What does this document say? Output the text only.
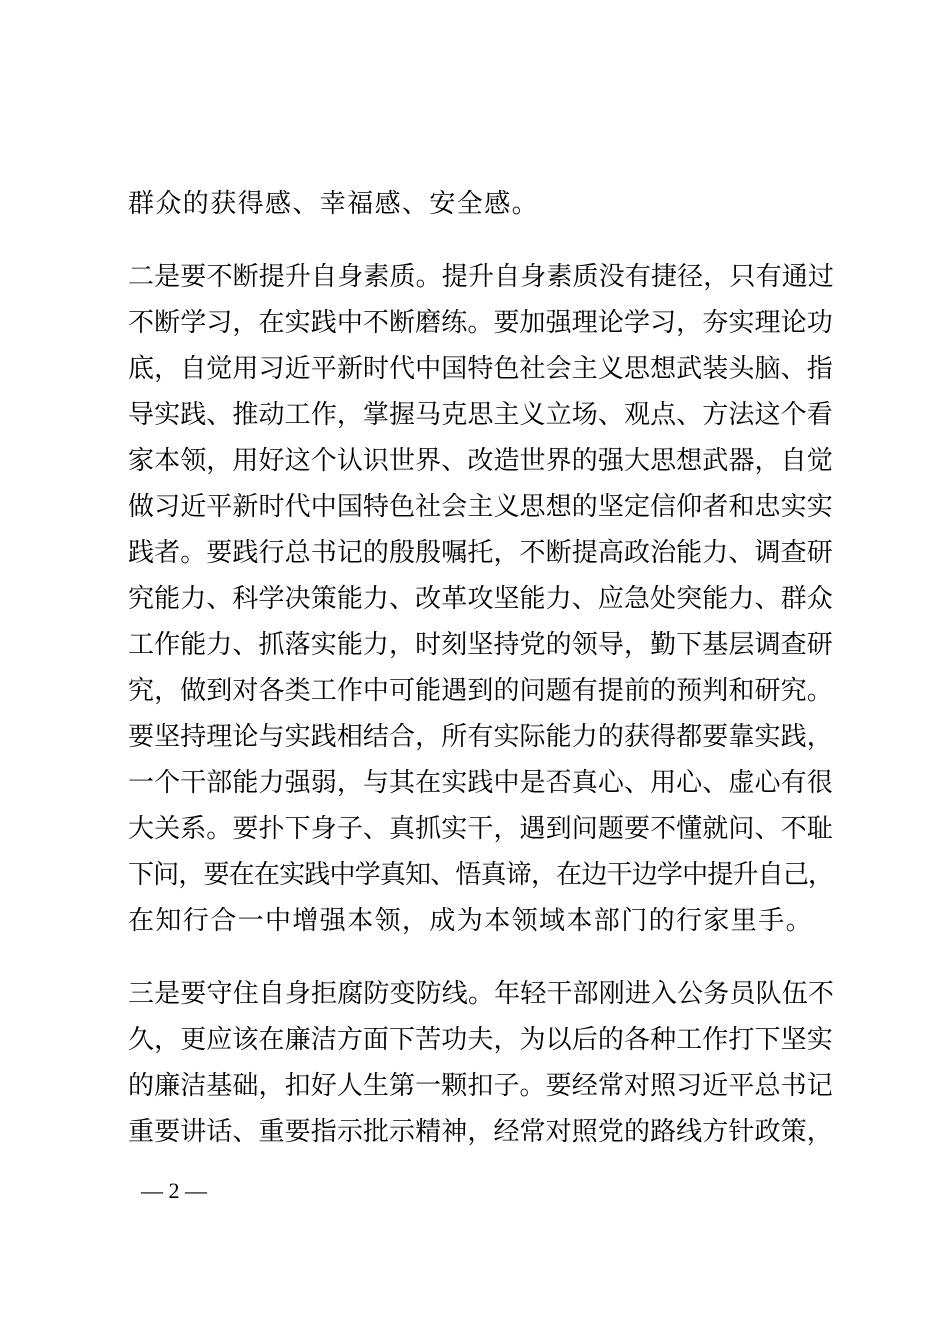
群众的获得感、幸福感、安全感。
二是要不断提升自身素质。提升自身素质没有捷径，只有通过
不断学习，在实践中不断磨练。要加强理论学习，夯实理论功
底，自觉用习近平新时代中国特色社会主义思想武装头脑、指
导实践、推动工作，掌握马克思主义立场、观点、方法这个看
家本领，用好这个认识世界、改造世界的强大思想武器，自觉
做习近平新时代中国特色社会主义思想的坚定信仰者和忠实实
践者。要践行总书记的殷殷嘱托，不断提高政治能力、调查研
究能力、科学决策能力、改革攻坚能力、应急处突能力、群众
工作能力、抓落实能力，时刻坚持党的领导，勤下基层调查研
究，做到对各类工作中可能遇到的问题有提前的预判和研究。
要坚持理论与实践相结合，所有实际能力的获得都要靠实践，
一个干部能力强弱，与其在实践中是否真心、用心、虚心有很
大关系。要扑下身子、真抓实干，遇到问题要不懂就问、不耻
下问，要在在实践中学真知、悟真谛，在边干边学中提升自己，
在知行合一中增强本领，成为本领域本部门的行家里手。
三是要守住自身拒腐防变防线。年轻干部刚进入公务员队伍不
久，更应该在廉洁方面下苦功夫，为以后的各种工作打下坚实
的廉洁基础，扣好人生第一颗扣子。要经常对照习近平总书记
重要讲话、重要指示批示精神，经常对照党的路线方针政策，
— 2 —
